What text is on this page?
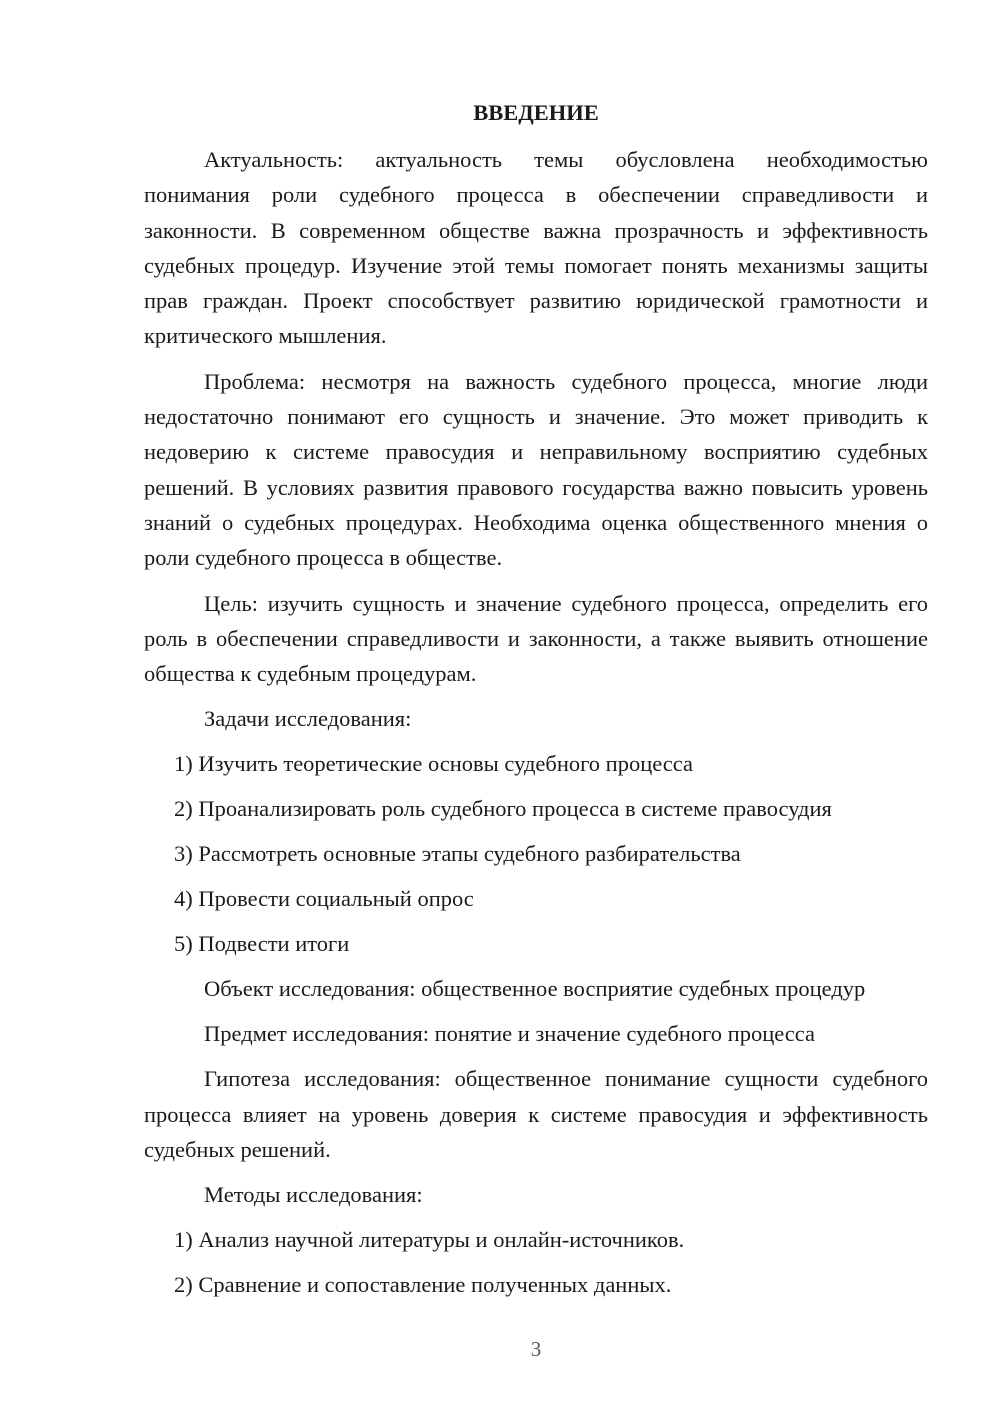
ВВЕДЕНИЕ

Актуальность: актуальность темы обусловлена необходимостью понимания роли судебного процесса в обеспечении справедливости и законности. В современном обществе важна прозрачность и эффективность судебных процедур. Изучение этой темы помогает понять механизмы защиты прав граждан. Проект способствует развитию юридической грамотности и критического мышления.

Проблема: несмотря на важность судебного процесса, многие люди недостаточно понимают его сущность и значение. Это может приводить к недоверию к системе правосудия и неправильному восприятию судебных решений. В условиях развития правового государства важно повысить уровень знаний о судебных процедурах. Необходима оценка общественного мнения о роли судебного процесса в обществе.

Цель: изучить сущность и значение судебного процесса, определить его роль в обеспечении справедливости и законности, а также выявить отношение общества к судебным процедурам.

Задачи исследования:

1) Изучить теоретические основы судебного процесса
2) Проанализировать роль судебного процесса в системе правосудия
3) Рассмотреть основные этапы судебного разбирательства
4) Провести социальный опрос
5) Подвести итоги

Объект исследования: общественное восприятие судебных процедур

Предмет исследования: понятие и значение судебного процесса

Гипотеза исследования: общественное понимание сущности судебного процесса влияет на уровень доверия к системе правосудия и эффективность судебных решений.

Методы исследования:

1) Анализ научной литературы и онлайн-источников.
2) Сравнение и сопоставление полученных данных.
3
